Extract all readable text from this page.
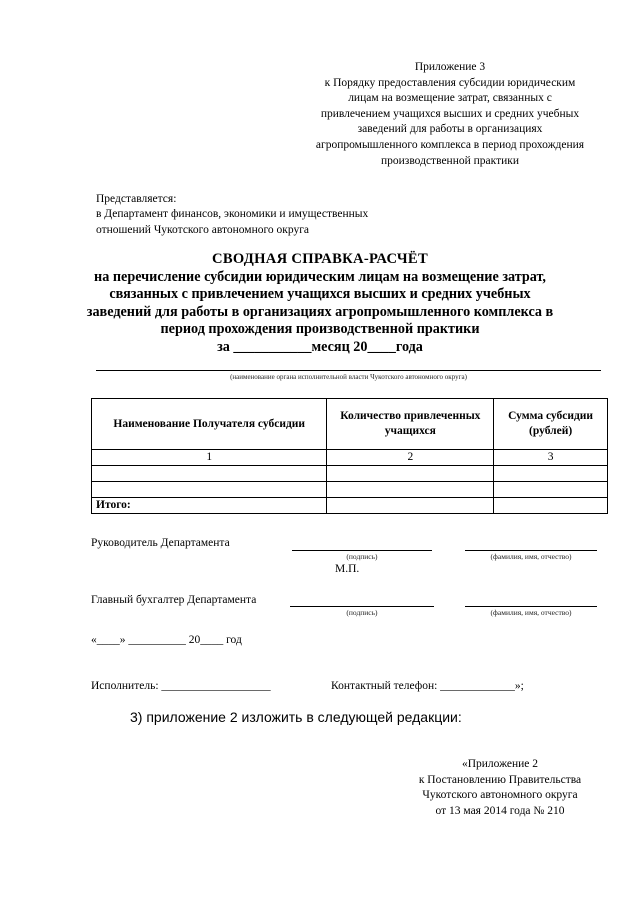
Приложение 3
к Порядку предоставления субсидии юридическим
лицам на возмещение затрат, связанных с
привлечением учащихся высших и средних учебных
заведений для работы в организациях
агропромышленного комплекса в период прохождения
производственной практики
Представляется:
в Департамент финансов, экономики и имущественных
отношений Чукотского автономного округа
СВОДНАЯ СПРАВКА-РАСЧЁТ
на перечисление субсидии юридическим лицам на возмещение затрат,
связанных с привлечением учащихся высших и средних учебных
заведений для работы в организациях агропромышленного комплекса в
период прохождения производственной практики
за ___________месяц 20____года
(наименование органа исполнительной власти Чукотского автономного округа)
Наименование Получателя субсидии	Количество привлеченных учащихся	Сумма субсидии (рублей)
1	2	3

Итого:		
Руководитель Департамента
(подпись)	(фамилия, имя, отчество)
М.П.
Главный бухгалтер Департамента
(подпись)	(фамилия, имя, отчество)
«____» __________ 20____ год
Исполнитель: ___________________	Контактный телефон: _____________»;
3) приложение 2 изложить в следующей редакции:
«Приложение 2
к Постановлению Правительства
Чукотского автономного округа
от 13 мая 2014 года № 210
